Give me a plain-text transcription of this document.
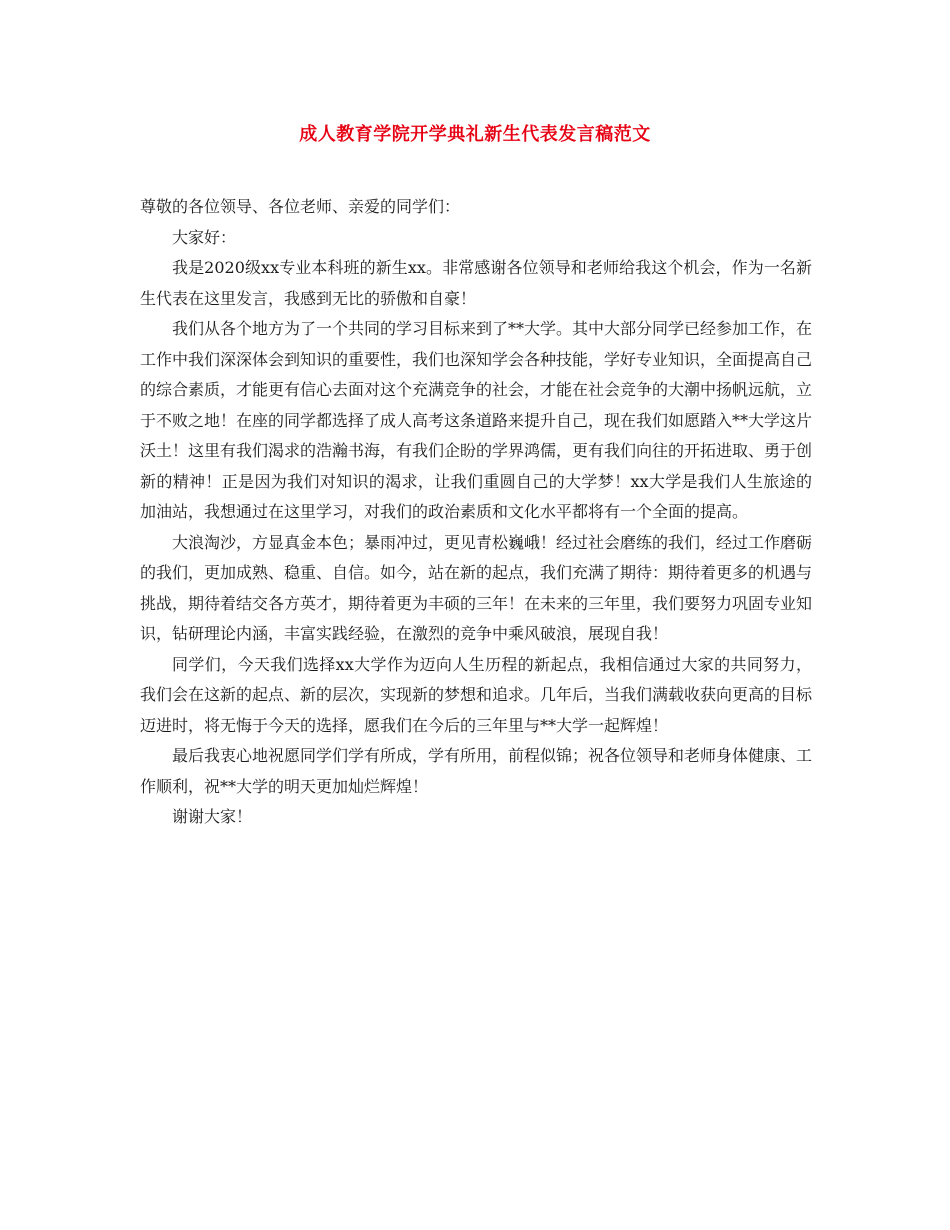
成人教育学院开学典礼新生代表发言稿范文

尊敬的各位领导、各位老师、亲爱的同学们：

大家好：

我是2020级xx专业本科班的新生xx。非常感谢各位领导和老师给我这个机会，作为一名新生代表在这里发言，我感到无比的骄傲和自豪！

我们从各个地方为了一个共同的学习目标来到了**大学。其中大部分同学已经参加工作，在工作中我们深深体会到知识的重要性，我们也深知学会各种技能，学好专业知识，全面提高自己的综合素质，才能更有信心去面对这个充满竞争的社会，才能在社会竞争的大潮中扬帆远航，立于不败之地！在座的同学都选择了成人高考这条道路来提升自己，现在我们如愿踏入**大学这片沃土！这里有我们渴求的浩瀚书海，有我们企盼的学界鸿儒，更有我们向往的开拓进取、勇于创新的精神！正是因为我们对知识的渴求，让我们重圆自己的大学梦！xx大学是我们人生旅途的加油站，我想通过在这里学习，对我们的政治素质和文化水平都将有一个全面的提高。

大浪淘沙，方显真金本色；暴雨冲过，更见青松巍峨！经过社会磨练的我们，经过工作磨砺的我们，更加成熟、稳重、自信。如今，站在新的起点，我们充满了期待：期待着更多的机遇与挑战，期待着结交各方英才，期待着更为丰硕的三年！在未来的三年里，我们要努力巩固专业知识，钻研理论内涵，丰富实践经验，在激烈的竞争中乘风破浪，展现自我！

同学们，今天我们选择xx大学作为迈向人生历程的新起点，我相信通过大家的共同努力，我们会在这新的起点、新的层次，实现新的梦想和追求。几年后，当我们满载收获向更高的目标迈进时，将无悔于今天的选择，愿我们在今后的三年里与**大学一起辉煌！

最后我衷心地祝愿同学们学有所成，学有所用，前程似锦；祝各位领导和老师身体健康、工作顺利，祝**大学的明天更加灿烂辉煌！

谢谢大家！
